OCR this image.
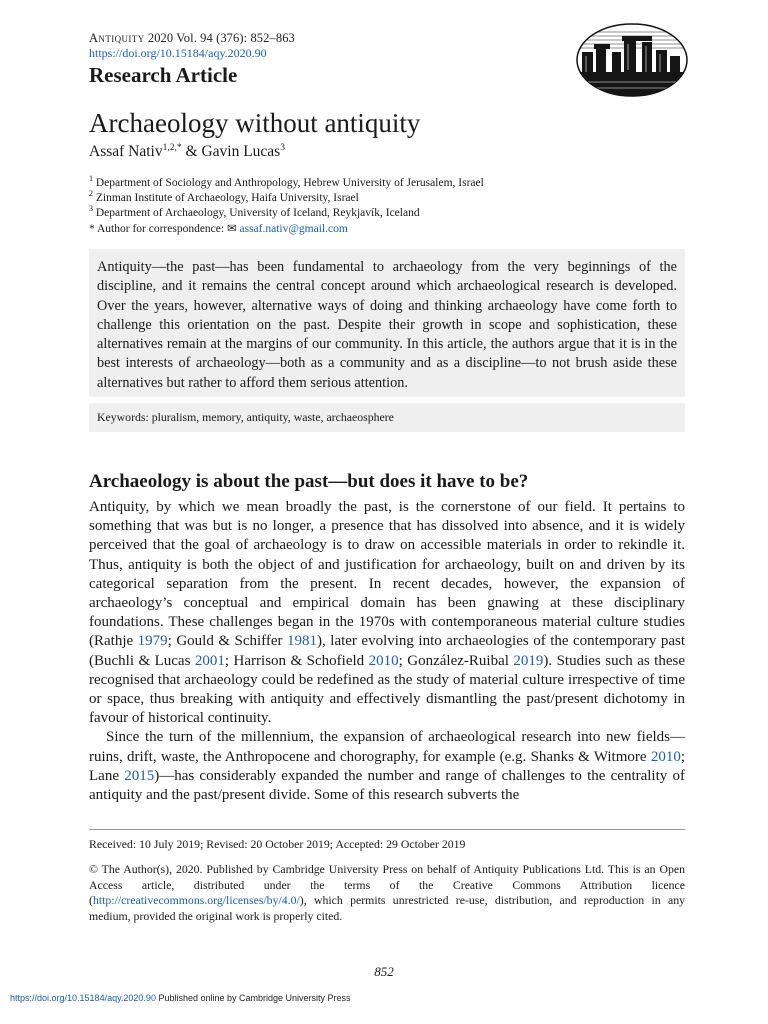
Antiquity 2020 Vol. 94 (376): 852–863
https://doi.org/10.15184/aqy.2020.90
Research Article
Archaeology without antiquity
Assaf Nativ$^{1,2,*}$ & Gavin Lucas$^3$
$^1$ Department of Sociology and Anthropology, Hebrew University of Jerusalem, Israel
$^2$ Zinman Institute of Archaeology, Haifa University, Israel
$^3$ Department of Archaeology, University of Iceland, Reykjavík, Iceland
* Author for correspondence: ✉ assaf.nativ@gmail.com

Antiquity—the past—has been fundamental to archaeology from the very beginnings of the discipline, and it remains the central concept around which archaeological research is developed. Over the years, however, alternative ways of doing and thinking archaeology have come forth to challenge this orientation on the past. Despite their growth in scope and sophistication, these alternatives remain at the margins of our community. In this article, the authors argue that it is in the best interests of archaeology—both as a community and as a discipline—to not brush aside these alternatives but rather to afford them serious attention.

Keywords: pluralism, memory, antiquity, waste, archaeosphere

Archaeology is about the past—but does it have to be?

Antiquity, by which we mean broadly the past, is the cornerstone of our field. It pertains to something that was but is no longer, a presence that has dissolved into absence, and it is widely perceived that the goal of archaeology is to draw on accessible materials in order to rekindle it. Thus, antiquity is both the object of and justification for archaeology, built on and driven by its categorical separation from the present. In recent decades, however, the expansion of archaeology’s conceptual and empirical domain has been gnawing at these disciplinary foundations. These challenges began in the 1970s with contemporaneous material culture studies (Rathje 1979; Gould & Schiffer 1981), later evolving into archaeologies of the contemporary past (Buchli & Lucas 2001; Harrison & Schofield 2010; González-Ruibal 2019). Studies such as these recognised that archaeology could be redefined as the study of material culture irrespective of time or space, thus breaking with antiquity and effectively dismantling the past/present dichotomy in favour of historical continuity.

Since the turn of the millennium, the expansion of archaeological research into new fields—ruins, drift, waste, the Anthropocene and chorography, for example (e.g. Shanks & Witmore 2010; Lane 2015)—has considerably expanded the number and range of challenges to the centrality of antiquity and the past/present divide. Some of this research subverts the

Received: 10 July 2019; Revised: 20 October 2019; Accepted: 29 October 2019

© The Author(s), 2020. Published by Cambridge University Press on behalf of Antiquity Publications Ltd. This is an Open Access article, distributed under the terms of the Creative Commons Attribution licence (http://creativecommons.org/licenses/by/4.0/), which permits unrestricted re-use, distribution, and reproduction in any medium, provided the original work is properly cited.

852
https://doi.org/10.15184/aqy.2020.90 Published online by Cambridge University Press
